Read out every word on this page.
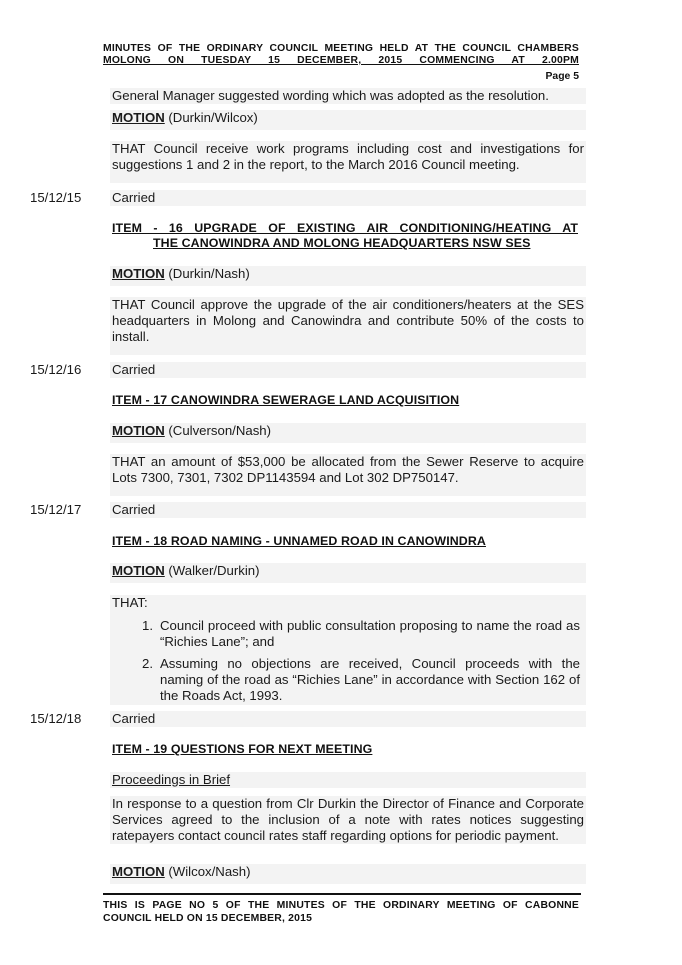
MINUTES OF THE ORDINARY COUNCIL MEETING HELD AT THE COUNCIL CHAMBERS
MOLONG ON TUESDAY 15 DECEMBER, 2015 COMMENCING AT 2.00PM
Page 5
General Manager suggested wording which was adopted as the resolution.
MOTION (Durkin/Wilcox)
THAT Council receive work programs including cost and investigations for suggestions 1 and 2 in the report, to the March 2016 Council meeting.
15/12/15	Carried
ITEM - 16 UPGRADE OF EXISTING AIR CONDITIONING/HEATING AT
THE CANOWINDRA AND MOLONG HEADQUARTERS NSW SES
MOTION (Durkin/Nash)
THAT Council approve the upgrade of the air conditioners/heaters at the SES headquarters in Molong and Canowindra and contribute 50% of the costs to install.
15/12/16	Carried
ITEM - 17 CANOWINDRA SEWERAGE LAND ACQUISITION
MOTION (Culverson/Nash)
THAT an amount of $53,000 be allocated from the Sewer Reserve to acquire Lots 7300, 7301, 7302 DP1143594 and Lot 302 DP750147.
15/12/17	Carried
ITEM - 18 ROAD NAMING - UNNAMED ROAD IN CANOWINDRA
MOTION (Walker/Durkin)
THAT:
1. Council proceed with public consultation proposing to name the road as “Richies Lane”; and
2. Assuming no objections are received, Council proceeds with the naming of the road as “Richies Lane” in accordance with Section 162 of the Roads Act, 1993.
15/12/18	Carried
ITEM - 19 QUESTIONS FOR NEXT MEETING
Proceedings in Brief
In response to a question from Clr Durkin the Director of Finance and Corporate Services agreed to the inclusion of a note with rates notices suggesting ratepayers contact council rates staff regarding options for periodic payment.
MOTION (Wilcox/Nash)
THIS IS PAGE NO 5 OF THE MINUTES OF THE ORDINARY MEETING OF CABONNE
COUNCIL HELD ON 15 DECEMBER, 2015
